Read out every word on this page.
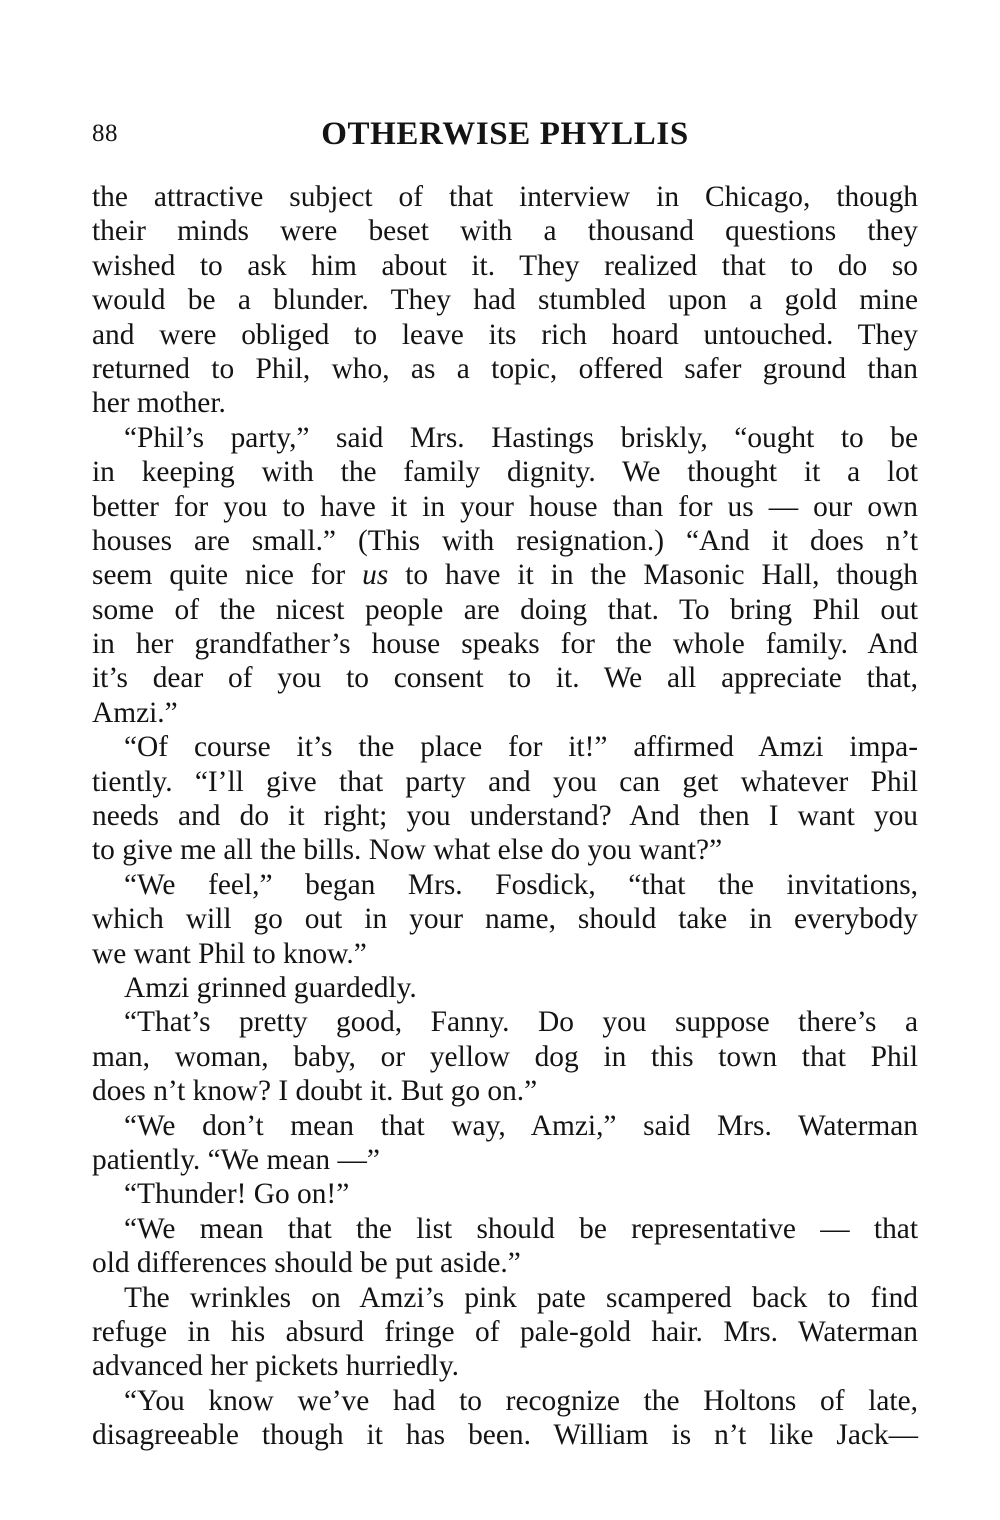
88	OTHERWISE PHYLLIS
the attractive subject of that interview in Chicago, though
their minds were beset with a thousand questions they
wished to ask him about it. They realized that to do so
would be a blunder. They had stumbled upon a gold mine
and were obliged to leave its rich hoard untouched. They
returned to Phil, who, as a topic, offered safer ground than
her mother.
“Phil’s party,” said Mrs. Hastings briskly, “ought to be
in keeping with the family dignity. We thought it a lot
better for you to have it in your house than for us — our own
houses are small.” (This with resignation.) “And it does n’t
seem quite nice for us to have it in the Masonic Hall, though
some of the nicest people are doing that. To bring Phil out
in her grandfather’s house speaks for the whole family. And
it’s dear of you to consent to it. We all appreciate that,
Amzi.”
“Of course it’s the place for it!” affirmed Amzi impa-
tiently. “I’ll give that party and you can get whatever Phil
needs and do it right; you understand? And then I want you
to give me all the bills. Now what else do you want?”
“We feel,” began Mrs. Fosdick, “that the invitations,
which will go out in your name, should take in everybody
we want Phil to know.”
Amzi grinned guardedly.
“That’s pretty good, Fanny. Do you suppose there’s a
man, woman, baby, or yellow dog in this town that Phil
does n’t know? I doubt it. But go on.”
“We don’t mean that way, Amzi,” said Mrs. Waterman
patiently. “We mean —”
“Thunder! Go on!”
“We mean that the list should be representative — that
old differences should be put aside.”
The wrinkles on Amzi’s pink pate scampered back to find
refuge in his absurd fringe of pale-gold hair. Mrs. Waterman
advanced her pickets hurriedly.
“You know we’ve had to recognize the Holtons of late,
disagreeable though it has been. William is n’t like Jack—
